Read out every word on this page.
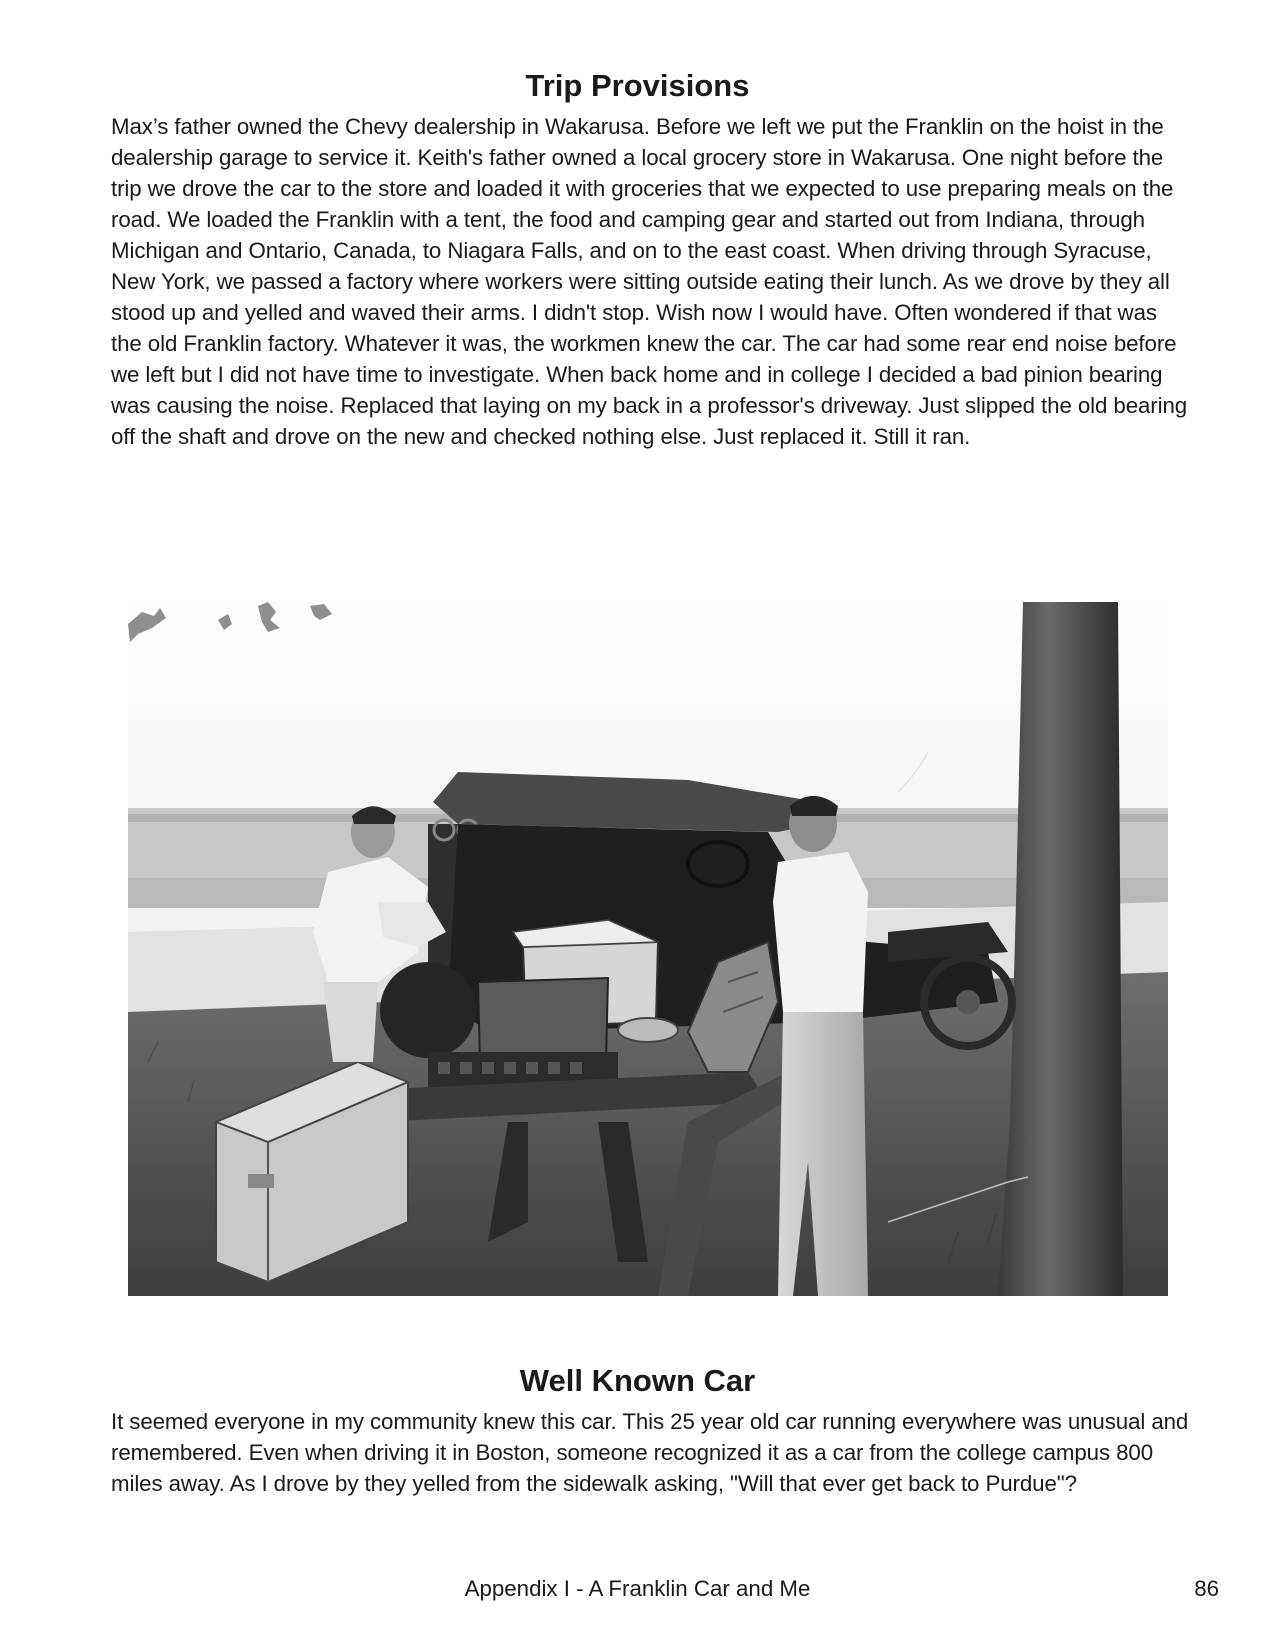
Trip Provisions

Max’s father owned the Chevy dealership in Wakarusa. Before we left we put the Franklin on the hoist in the dealership garage to service it. Keith's father owned a local grocery store in Wakarusa. One night before the trip we drove the car to the store and loaded it with groceries that we expected to use preparing meals on the road. We loaded the Franklin with a tent, the food and camping gear and started out from Indiana, through Michigan and Ontario, Canada, to Niagara Falls, and on to the east coast. When driving through Syracuse, New York, we passed a factory where workers were sitting outside eating their lunch. As we drove by they all stood up and yelled and waved their arms. I didn't stop. Wish now I would have. Often wondered if that was the old Franklin factory. Whatever it was, the workmen knew the car. The car had some rear end noise before we left but I did not have time to investigate. When back home and in college I decided a bad pinion bearing was causing the noise. Replaced that laying on my back in a professor's driveway. Just slipped the old bearing off the shaft and drove on the new and checked nothing else. Just replaced it. Still it ran.

Well Known Car

It seemed everyone in my community knew this car. This 25 year old car running everywhere was unusual and remembered. Even when driving it in Boston, someone recognized it as a car from the college campus 800 miles away. As I drove by they yelled from the sidewalk asking, "Will that ever get back to Purdue"?

Appendix I - A Franklin Car and Me	86
